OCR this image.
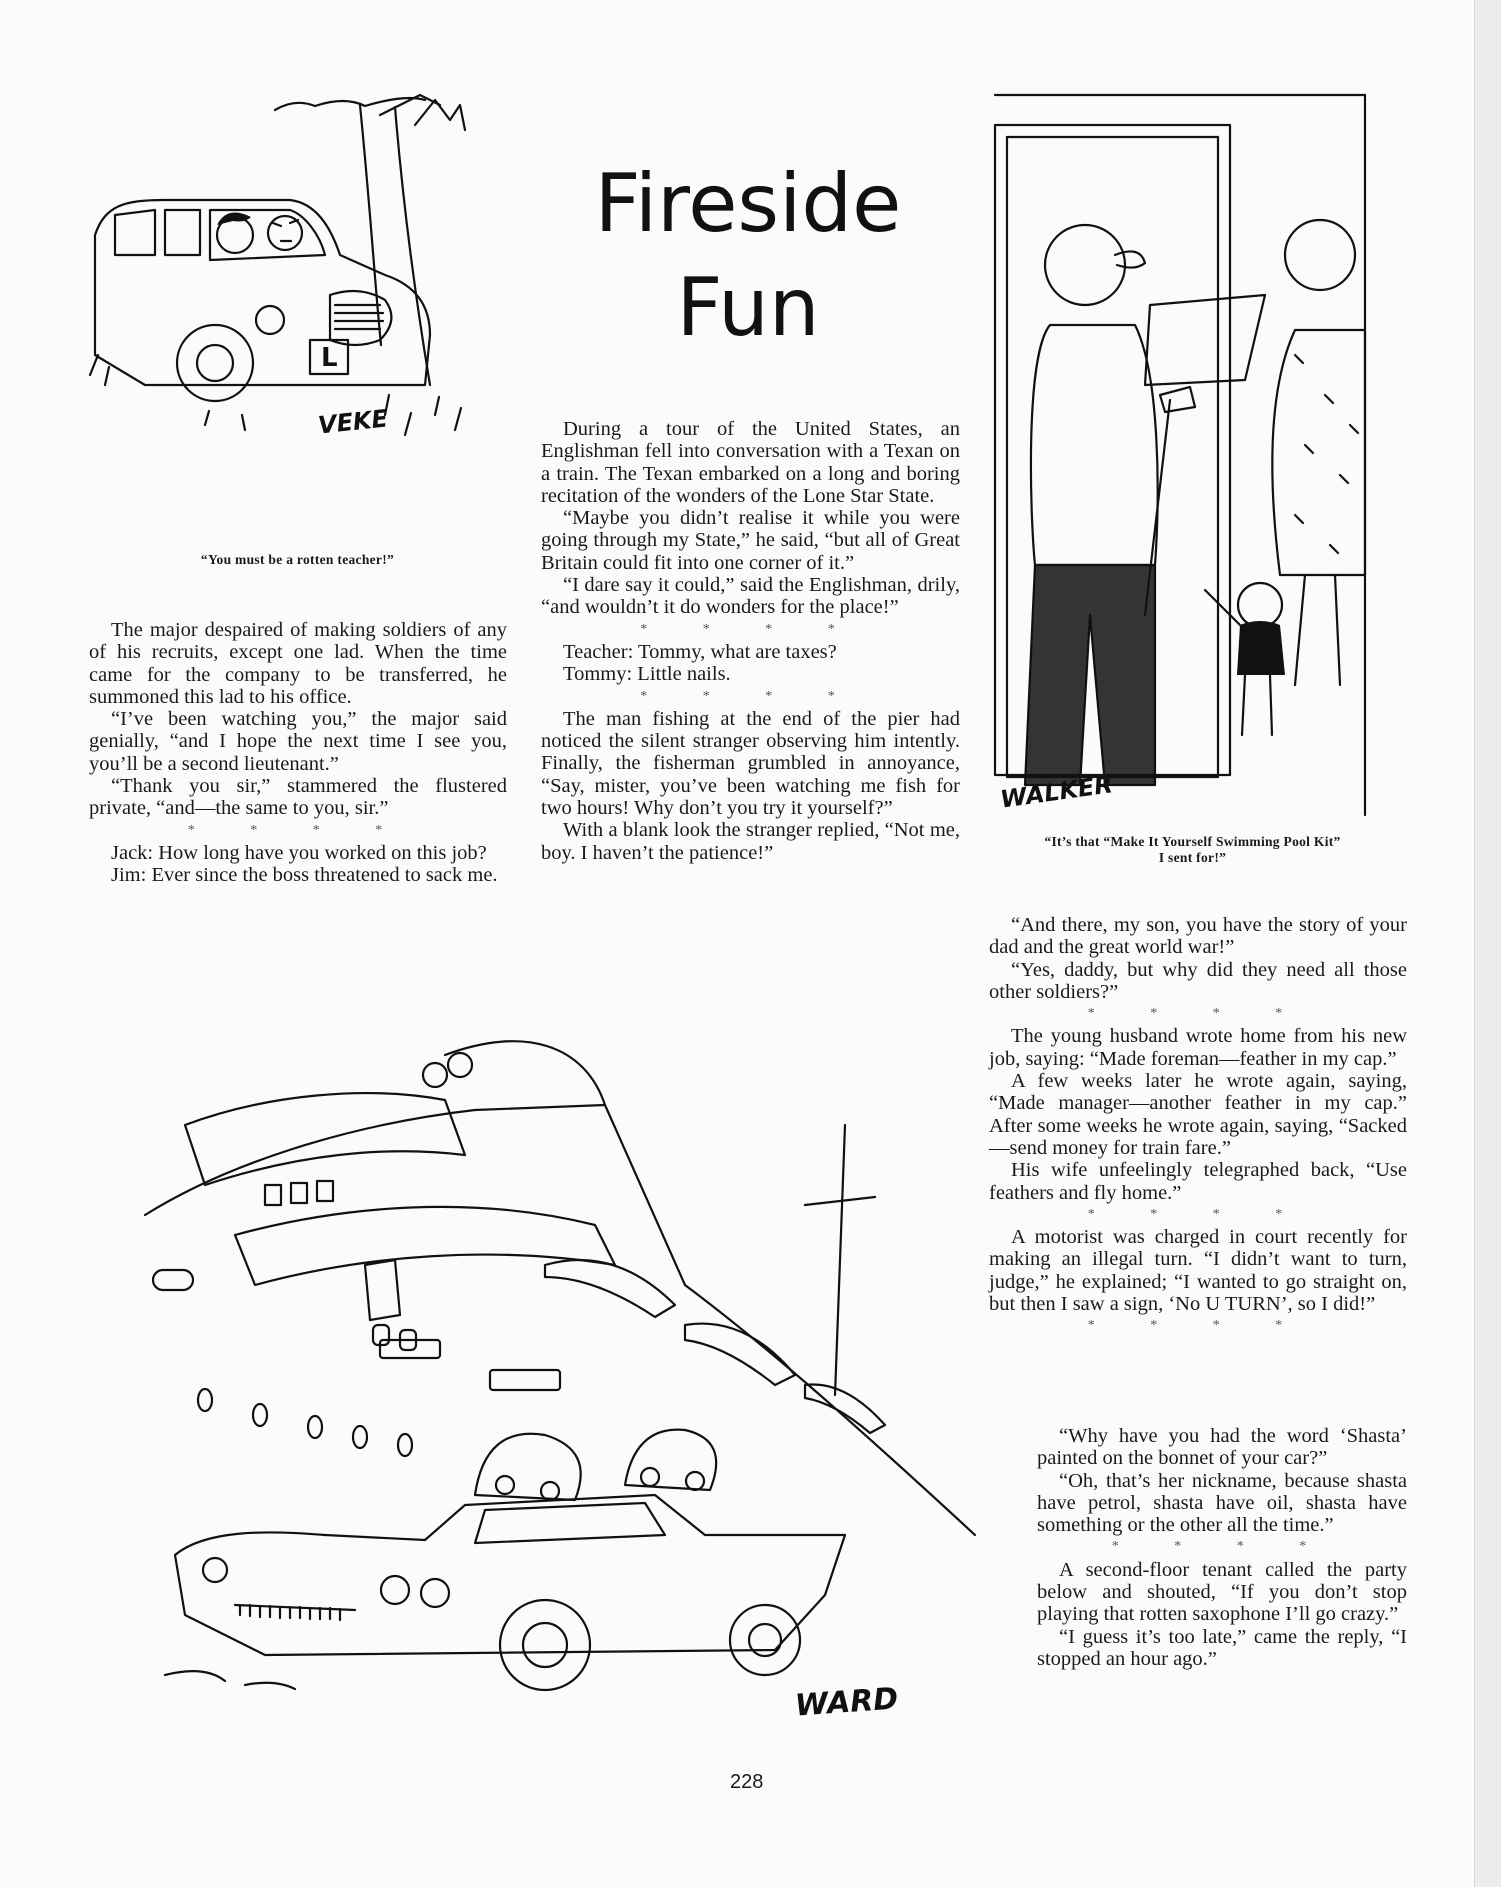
L
VEKE
“You must be a rotten teacher!”
Fireside
Fun
WALKER
“It’s that “Make It Yourself Swimming Pool Kit”
I sent for!”
WARD

The major despaired of making soldiers of any of his recruits, except one lad. When the time came for the company to be transferred, he summoned this lad to his office.

“I’ve been watching you,” the major said genially, “and I hope the next time I see you, you’ll be a second lieutenant.”

“Thank you sir,” stammered the flustered private, “and—the same to you, sir.”

* * * *

Jack: How long have you worked on this job?

Jim: Ever since the boss threatened to sack me.

During a tour of the United States, an Englishman fell into conversation with a Texan on a train. The Texan embarked on a long and boring recitation of the wonders of the Lone Star State.

“Maybe you didn’t realise it while you were going through my State,” he said, “but all of Great Britain could fit into one corner of it.”

“I dare say it could,” said the Englishman, drily, “and wouldn’t it do wonders for the place!”

* * * *

Teacher: Tommy, what are taxes?

Tommy: Little nails.

* * * *

The man fishing at the end of the pier had noticed the silent stranger observing him intently. Finally, the fisherman grumbled in annoyance, “Say, mister, you’ve been watching me fish for two hours! Why don’t you try it yourself?”

With a blank look the stranger replied, “Not me, boy. I haven’t the patience!”

“And there, my son, you have the story of your dad and the great world war!”

“Yes, daddy, but why did they need all those other soldiers?”

* * * *

The young husband wrote home from his new job, saying: “Made foreman—feather in my cap.”

A few weeks later he wrote again, saying, “Made manager—another feather in my cap.” After some weeks he wrote again, saying, “Sacked—send money for train fare.”

His wife unfeelingly telegraphed back, “Use feathers and fly home.”

* * * *

A motorist was charged in court recently for making an illegal turn. “I didn’t want to turn, judge,” he explained; “I wanted to go straight on, but then I saw a sign, ‘No U TURN’, so I did!”

* * * *

“Why have you had the word ‘Shasta’ painted on the bonnet of your car?”

“Oh, that’s her nickname, because shasta have petrol, shasta have oil, shasta have something or the other all the time.”

* * * *

A second-floor tenant called the party below and shouted, “If you don’t stop playing that rotten saxophone I’ll go crazy.”

“I guess it’s too late,” came the reply, “I stopped an hour ago.”

228
